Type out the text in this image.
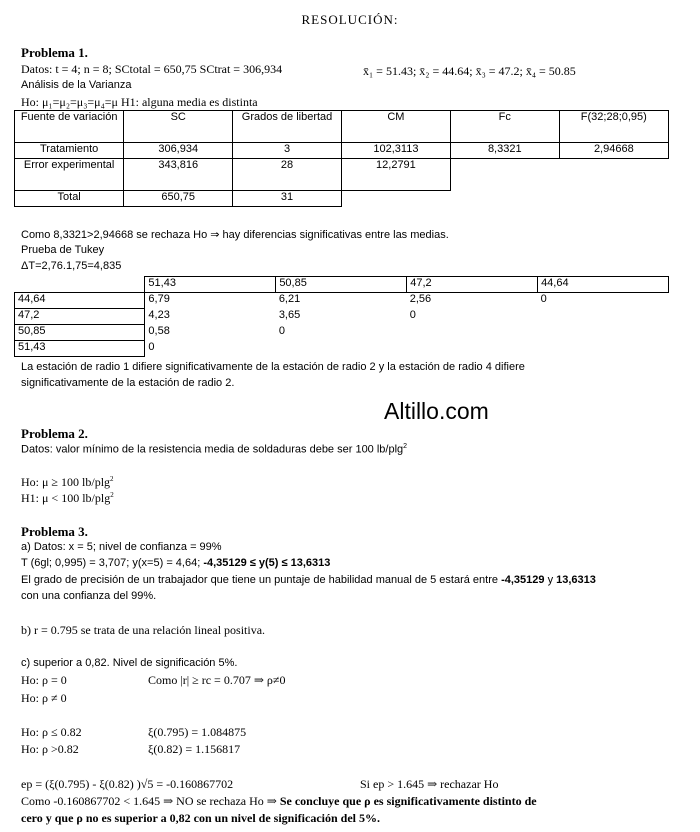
RESOLUCIÓN:
Problema 1.
Datos: t = 4; n = 8; SCtotal = 650,75 SCtrat = 306,934	x̄₁ = 51.43; x̄₂ = 44.64; x̄₃ = 47.2; x̄₄ = 50.85
Análisis de la Varianza
Ho: μ₁=μ₂=μ₃=μ₄=μ H1: alguna media es distinta
Fuente de variación	SC	Grados de libertad	CM	Fc	F(32;28;0,95)
Tratamiento	306,934	3	102,3113	8,3321	2,94668
Error experimental	343,816	28	12,2791		
Total	650,75	31			
Como 8,3321>2,94668 se rechaza Ho ⇒ hay diferencias significativas entre las medias.
Prueba de Tukey
ΔT=2,76.1,75=4,835
	51,43	50,85	47,2	44,64
44,64	6,79	6,21	2,56	0
47,2	4,23	3,65	0	
50,85	0,58	0		
51,43	0			
La estación de radio 1 difiere significativamente de la estación de radio 2 y la estación de radio 4 difiere
significativamente de la estación de radio 2.
Altillo.com
Problema 2.
Datos: valor mínimo de la resistencia media de soldaduras debe ser 100 lb/plg$^2$
Ho: μ ≥ 100 lb/plg$^2$
H1: μ < 100 lb/plg$^2$
Problema 3.
a) Datos: x = 5; nivel de confianza = 99%
T (6gl; 0,995) = 3,707; y(x=5) = 4,64; -4,35129 ≤ y(5) ≤ 13,6313
El grado de precisión de un trabajador que tiene un puntaje de habilidad manual de 5 estará entre -4,35129 y 13,6313
con una confianza del 99%.
b) r = 0.795 se trata de una relación lineal positiva.
c) superior a 0,82. Nivel de significación 5%.
Ho: ρ = 0	Como |r| ≥ rc = 0.707 ⇒ ρ≠0
Ho: ρ ≠ 0
Ho: ρ ≤ 0.82	ξ(0.795) = 1.084875
Ho: ρ >0.82	ξ(0.82) = 1.156817
ep = (ξ(0.795) - ξ(0.82) )√5 = -0.160867702	Si ep > 1.645 ⇒ rechazar Ho
Como -0.160867702 < 1.645 ⇒ NO se rechaza Ho ⇒ Se concluye que ρ es significativamente distinto de
cero y que ρ no es superior a 0,82 con un nivel de significación del 5%.
